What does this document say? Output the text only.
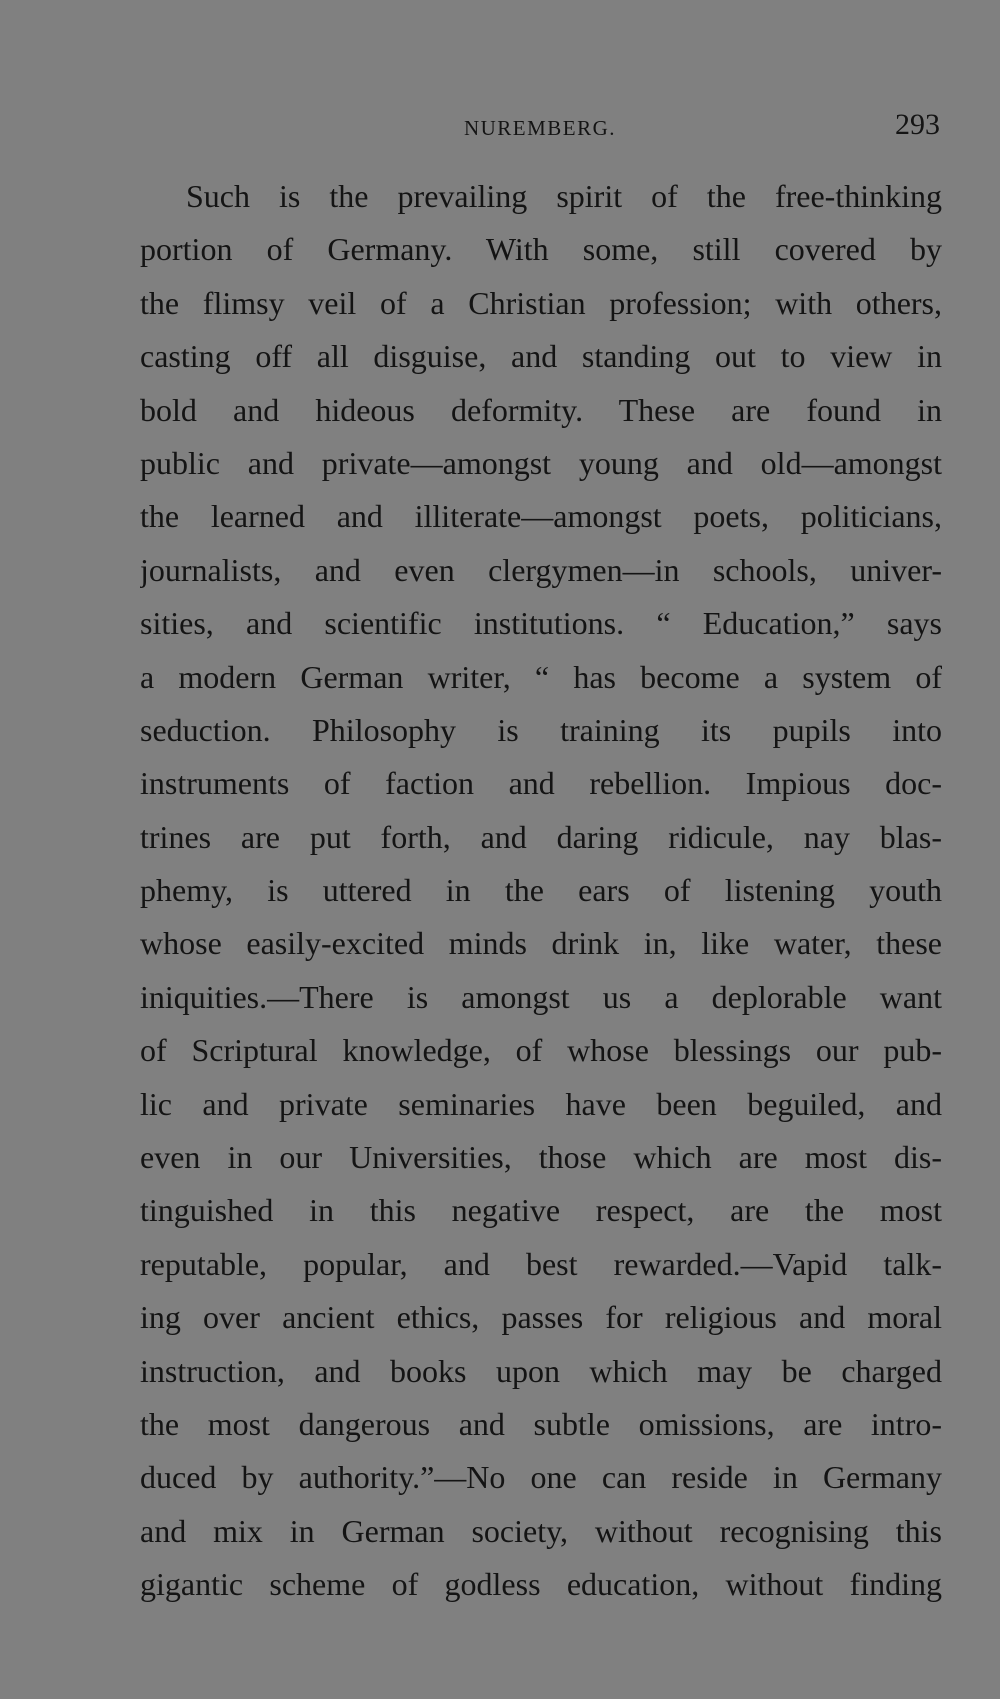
NUREMBERG.	293
Such is the prevailing spirit of the free-thinking
portion of Germany. With some, still covered by
the flimsy veil of a Christian profession; with others,
casting off all disguise, and standing out to view in
bold and hideous deformity. These are found in
public and private—amongst young and old—amongst
the learned and illiterate—amongst poets, politicians,
journalists, and even clergymen—in schools, univer-
sities, and scientific institutions. “ Education,” says
a modern German writer, “ has become a system of
seduction. Philosophy is training its pupils into
instruments of faction and rebellion. Impious doc-
trines are put forth, and daring ridicule, nay blas-
phemy, is uttered in the ears of listening youth
whose easily-excited minds drink in, like water, these
iniquities.—There is amongst us a deplorable want
of Scriptural knowledge, of whose blessings our pub-
lic and private seminaries have been beguiled, and
even in our Universities, those which are most dis-
tinguished in this negative respect, are the most
reputable, popular, and best rewarded.—Vapid talk-
ing over ancient ethics, passes for religious and moral
instruction, and books upon which may be charged
the most dangerous and subtle omissions, are intro-
duced by authority.”—No one can reside in Germany
and mix in German society, without recognising this
gigantic scheme of godless education, without finding
